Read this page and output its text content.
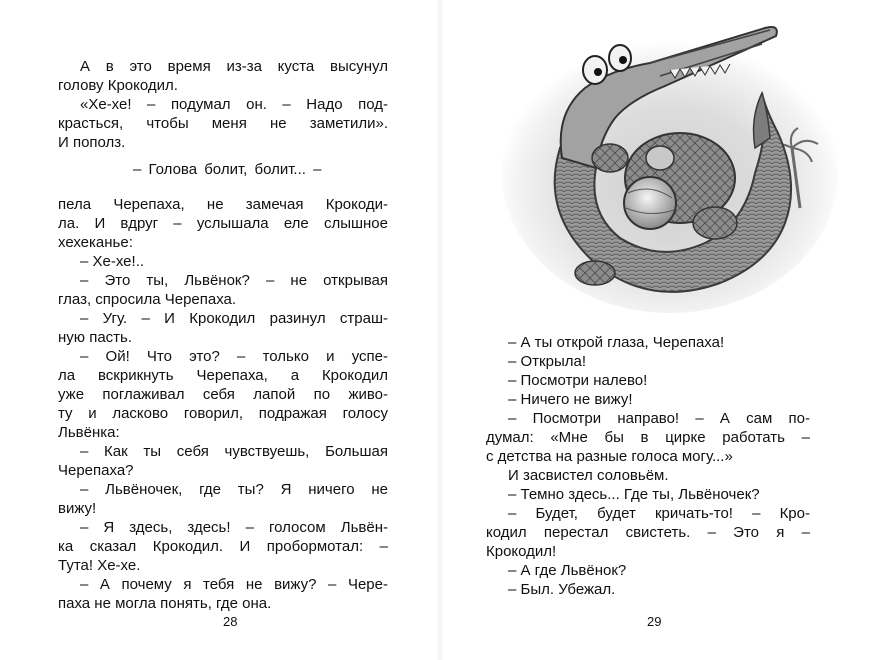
А в это время из-за куста высунул

голову Крокодил.

«Хе-хе! – подумал он. – Надо под-

красться, чтобы меня не заметили».

И пополз.

– Голова болит, болит... –

пела Черепаха, не замечая Крокоди-

ла. И вдруг – услышала еле слышное

хехеканье:

– Хе-хе!..

– Это ты, Львёнок? – не открывая

глаз, спросила Черепаха.

– Угу. – И Крокодил разинул страш-

ную пасть.

– Ой! Что это? – только и успе-

ла вскрикнуть Черепаха, а Крокодил

уже поглаживал себя лапой по живо-

ту и ласково говорил, подражая голосу

Львёнка:

– Как ты себя чувствуешь, Большая

Черепаха?

– Львёночек, где ты? Я ничего не

вижу!

– Я здесь, здесь! – голосом Львён-

ка сказал Крокодил. И пробормотал: –

Тута! Хе-хе.

– А почему я тебя не вижу? – Чере-

28

– А ты открой глаза, Черепаха!

– Открыла!

– Посмотри налево!

– Ничего не вижу!

– Посмотри направо! – А сам по-

думал: «Мне бы в цирке работать –

с детства на разные голоса могу...»

И засвистел соловьём.

– Темно здесь... Где ты, Львёночек?

– Будет, будет кричать-то! – Кро-

кодил перестал свистеть. – Это я –

Крокодил!

– А где Львёнок?

– Был. Убежал.

29

паха не могла понять, где она.
